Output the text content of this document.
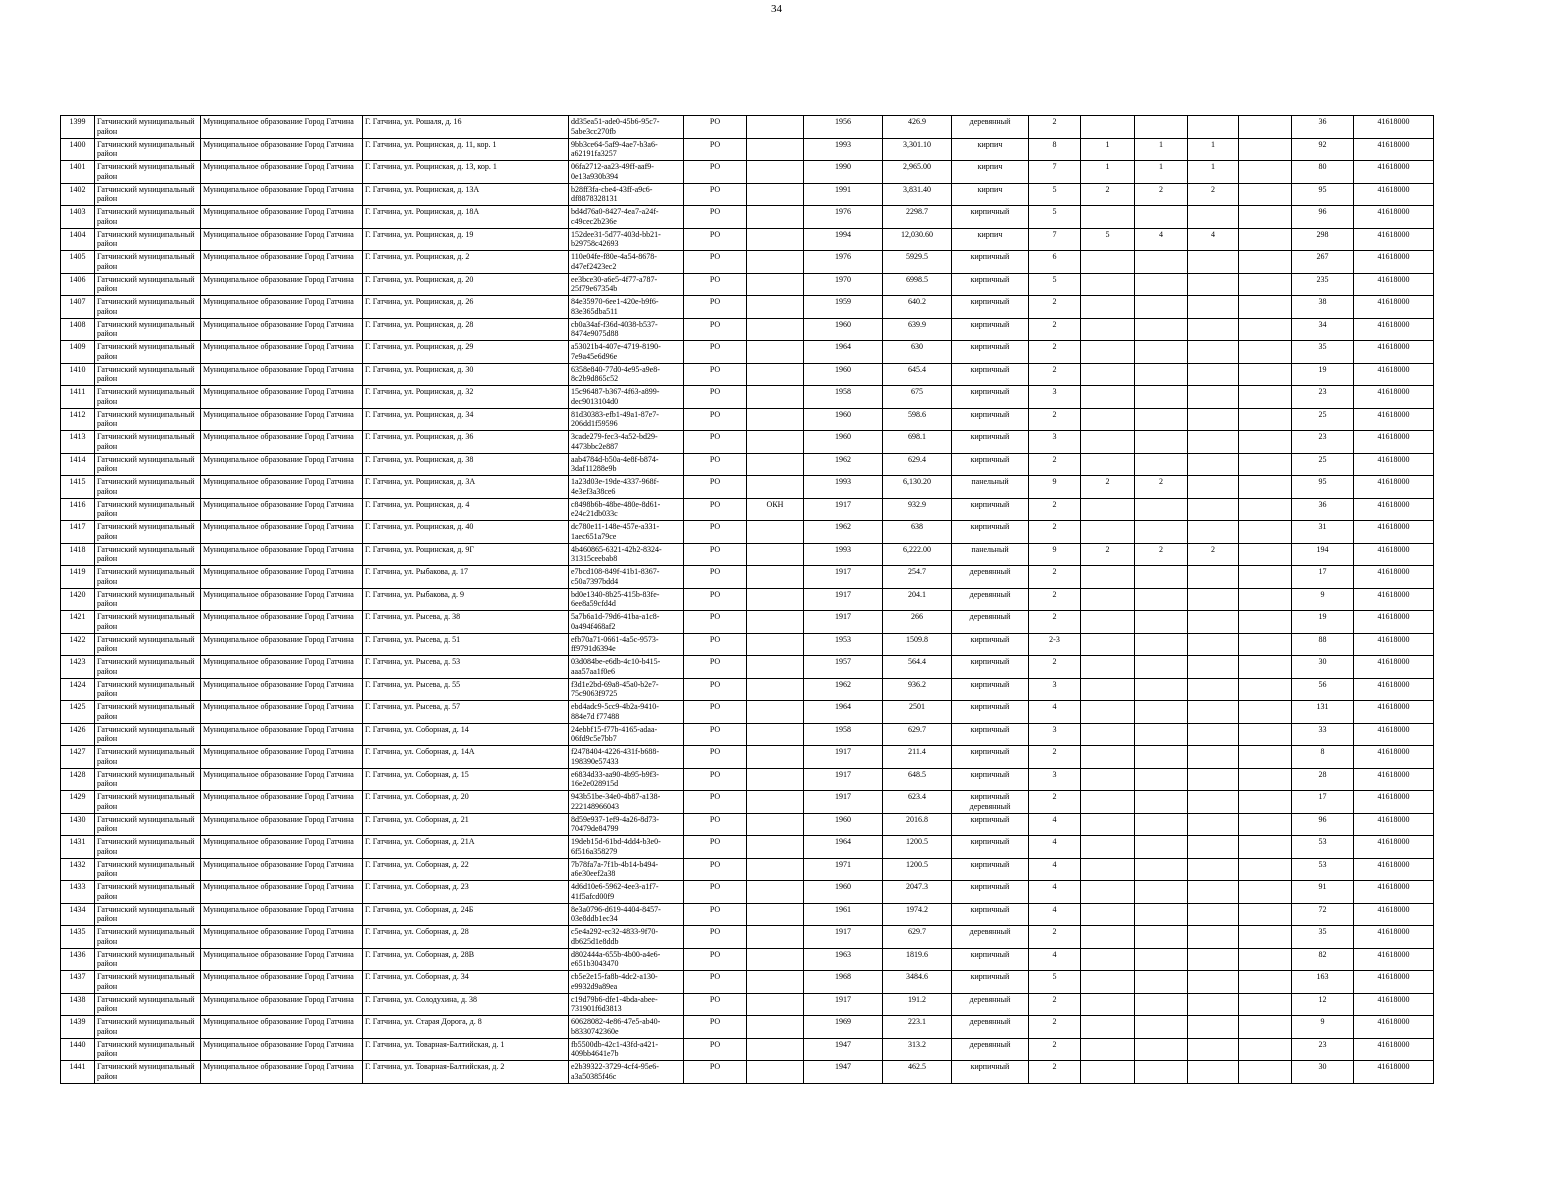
34
1399	Гатчинский муниципальный район	Муниципальное образование Город Гатчина	Г. Гатчина, ул. Рошаля, д. 16	dd35ea51-ade0-45b6-95c7-5abe3cc270fb	РО		1956	426.9	деревянный	2					36	41618000
1400	Гатчинский муниципальный район	Муниципальное образование Город Гатчина	Г. Гатчина, ул. Рощинская, д. 11, кор. 1	9bb3ce64-5af9-4ae7-b3a6-a62191fa3257	РО		1993	3,301.10	кирпич	8	1	1	1		92	41618000
1401	Гатчинский муниципальный район	Муниципальное образование Город Гатчина	Г. Гатчина, ул. Рощинская, д. 13, кор. 1	06fa2712-aa23-49ff-aaf9-0e13a930b394	РО		1990	2,965.00	кирпич	7	1	1	1		80	41618000
1402	Гатчинский муниципальный район	Муниципальное образование Город Гатчина	Г. Гатчина, ул. Рощинская, д. 13А	b28ff3fa-cbe4-43ff-a9c6-df8878328131	РО		1991	3,831.40	кирпич	5	2	2	2		95	41618000
1403	Гатчинский муниципальный район	Муниципальное образование Город Гатчина	Г. Гатчина, ул. Рощинская, д. 18А	bd4d76a0-8427-4ea7-a24f-c49cec2b236e	РО		1976	2298.7	кирпичный	5					96	41618000
1404	Гатчинский муниципальный район	Муниципальное образование Город Гатчина	Г. Гатчина, ул. Рощинская, д. 19	152dee31-5d77-403d-bb21-b29758c42693	РО		1994	12,030.60	кирпич	7	5	4	4		298	41618000
1405	Гатчинский муниципальный район	Муниципальное образование Город Гатчина	Г. Гатчина, ул. Рощинская, д. 2	110e04fe-f80e-4a54-8678-d47ef2423ec2	РО		1976	5929.5	кирпичный	6					267	41618000
1406	Гатчинский муниципальный район	Муниципальное образование Город Гатчина	Г. Гатчина, ул. Рощинская, д. 20	ee3bce30-a6e5-4f77-a787-25f79e67354b	РО		1970	6998.5	кирпичный	5					235	41618000
1407	Гатчинский муниципальный район	Муниципальное образование Город Гатчина	Г. Гатчина, ул. Рощинская, д. 26	84e35970-6ee1-420e-b9f6-83e365dba511	РО		1959	640.2	кирпичный	2					38	41618000
1408	Гатчинский муниципальный район	Муниципальное образование Город Гатчина	Г. Гатчина, ул. Рощинская, д. 28	cb0a34af-f36d-4038-b537-8474e9075d88	РО		1960	639.9	кирпичный	2					34	41618000
1409	Гатчинский муниципальный район	Муниципальное образование Город Гатчина	Г. Гатчина, ул. Рощинская, д. 29	a53021b4-407e-4719-8190-7e9a45e6d96e	РО		1964	630	кирпичный	2					35	41618000
1410	Гатчинский муниципальный район	Муниципальное образование Город Гатчина	Г. Гатчина, ул. Рощинская, д. 30	6358e840-77d0-4e95-a9e8-8c2b9d865c52	РО		1960	645.4	кирпичный	2					19	41618000
1411	Гатчинский муниципальный район	Муниципальное образование Город Гатчина	Г. Гатчина, ул. Рощинская, д. 32	15c96487-b367-4f63-a899-dec9013104d0	РО		1958	675	кирпичный	3					23	41618000
1412	Гатчинский муниципальный район	Муниципальное образование Город Гатчина	Г. Гатчина, ул. Рощинская, д. 34	81d30383-efb1-49a1-87e7-206dd1f59596	РО		1960	598.6	кирпичный	2					25	41618000
1413	Гатчинский муниципальный район	Муниципальное образование Город Гатчина	Г. Гатчина, ул. Рощинская, д. 36	3cade279-fec3-4a52-bd29-4473bbc2e887	РО		1960	698.1	кирпичный	3					23	41618000
1414	Гатчинский муниципальный район	Муниципальное образование Город Гатчина	Г. Гатчина, ул. Рощинская, д. 38	aab4784d-b50a-4e8f-b874-3daf11288e9b	РО		1962	629.4	кирпичный	2					25	41618000
1415	Гатчинский муниципальный район	Муниципальное образование Город Гатчина	Г. Гатчина, ул. Рощинская, д. 3А	1a23d03e-19de-4337-968f-4e3ef3a38ce6	РО		1993	6,130.20	панельный	9	2	2			95	41618000
1416	Гатчинский муниципальный район	Муниципальное образование Город Гатчина	Г. Гатчина, ул. Рощинская, д. 4	c8498b6b-48be-480e-8d61-e24c21db033c	РО	ОКН	1917	932.9	кирпичный	2					36	41618000
1417	Гатчинский муниципальный район	Муниципальное образование Город Гатчина	Г. Гатчина, ул. Рощинская, д. 40	dc780e11-148e-457e-a331-1aec651a79ce	РО		1962	638	кирпичный	2					31	41618000
1418	Гатчинский муниципальный район	Муниципальное образование Город Гатчина	Г. Гатчина, ул. Рощинская, д. 9Г	4b460865-6321-42b2-8324-31315ceebab8	РО		1993	6,222.00	панельный	9	2	2	2		194	41618000
1419	Гатчинский муниципальный район	Муниципальное образование Город Гатчина	Г. Гатчина, ул. Рыбакова, д. 17	e7bcd108-849f-41b1-8367-c50a7397bdd4	РО		1917	254.7	деревянный	2					17	41618000
1420	Гатчинский муниципальный район	Муниципальное образование Город Гатчина	Г. Гатчина, ул. Рыбакова, д. 9	bd0e1340-8b25-415b-83fe-6ee8a59cfd4d	РО		1917	204.1	деревянный	2					9	41618000
1421	Гатчинский муниципальный район	Муниципальное образование Город Гатчина	Г. Гатчина, ул. Рысева, д. 38	5a7b6a1d-79d6-41ba-a1c8-0a494f468af2	РО		1917	266	деревянный	2					19	41618000
1422	Гатчинский муниципальный район	Муниципальное образование Город Гатчина	Г. Гатчина, ул. Рысева, д. 51	efb70a71-0661-4a5c-9573-ff9791d6394e	РО		1953	1509.8	кирпичный	2-3					88	41618000
1423	Гатчинский муниципальный район	Муниципальное образование Город Гатчина	Г. Гатчина, ул. Рысева, д. 53	03d084be-e6db-4c10-b415-aaa57aa1f0e6	РО		1957	564.4	кирпичный	2					30	41618000
1424	Гатчинский муниципальный район	Муниципальное образование Город Гатчина	Г. Гатчина, ул. Рысева, д. 55	f3d1e2bd-69a8-45a0-b2e7-75c9063f9725	РО		1962	936.2	кирпичный	3					56	41618000
1425	Гатчинский муниципальный район	Муниципальное образование Город Гатчина	Г. Гатчина, ул. Рысева, д. 57	ebd4adc9-5cc9-4b2a-9410-884e7d f77488	РО		1964	2501	кирпичный	4					131	41618000
1426	Гатчинский муниципальный район	Муниципальное образование Город Гатчина	Г. Гатчина, ул. Соборная, д. 14	24ebbf15-f77b-4165-adaa-06fd9c5e7bb7	РО		1958	629.7	кирпичный	3					33	41618000
1427	Гатчинский муниципальный район	Муниципальное образование Город Гатчина	Г. Гатчина, ул. Соборная, д. 14А	f2478404-4226-431f-b688-198390e57433	РО		1917	211.4	кирпичный	2					8	41618000
1428	Гатчинский муниципальный район	Муниципальное образование Город Гатчина	Г. Гатчина, ул. Соборная, д. 15	e6834d33-aa90-4b95-b9f3-16e2e028915d	РО		1917	648.5	кирпичный	3					28	41618000
1429	Гатчинский муниципальный район	Муниципальное образование Город Гатчина	Г. Гатчина, ул. Соборная, д. 20	943b51be-34e0-4b87-a138-222148966043	РО		1917	623.4	кирпичный деревянный	2					17	41618000
1430	Гатчинский муниципальный район	Муниципальное образование Город Гатчина	Г. Гатчина, ул. Соборная, д. 21	8d59e937-1ef9-4a26-8d73-70479de84799	РО		1960	2016.8	кирпичный	4					96	41618000
1431	Гатчинский муниципальный район	Муниципальное образование Город Гатчина	Г. Гатчина, ул. Соборная, д. 21А	19deb15d-61bd-4dd4-b3e0-6f516a358279	РО		1964	1200.5	кирпичный	4					53	41618000
1432	Гатчинский муниципальный район	Муниципальное образование Город Гатчина	Г. Гатчина, ул. Соборная, д. 22	7b78fa7a-7f1b-4b14-b494-a6e30eef2a38	РО		1971	1200.5	кирпичный	4					53	41618000
1433	Гатчинский муниципальный район	Муниципальное образование Город Гатчина	Г. Гатчина, ул. Соборная, д. 23	4d6d10e6-5962-4ee3-a1f7-41f5afcd00f9	РО		1960	2047.3	кирпичный	4					91	41618000
1434	Гатчинский муниципальный район	Муниципальное образование Город Гатчина	Г. Гатчина, ул. Соборная, д. 24Б	8e3a0796-d619-4404-8457-03e8ddb1ec34	РО		1961	1974.2	кирпичный	4					72	41618000
1435	Гатчинский муниципальный район	Муниципальное образование Город Гатчина	Г. Гатчина, ул. Соборная, д. 28	c5e4a292-ec32-4833-9f70-db625d1e8ddb	РО		1917	629.7	деревянный	2					35	41618000
1436	Гатчинский муниципальный район	Муниципальное образование Город Гатчина	Г. Гатчина, ул. Соборная, д. 28В	d802444a-655b-4b00-a4e6-e651b3043470	РО		1963	1819.6	кирпичный	4					82	41618000
1437	Гатчинский муниципальный район	Муниципальное образование Город Гатчина	Г. Гатчина, ул. Соборная, д. 34	cb5e2e15-fa8b-4dc2-a130-e9932d9a89ea	РО		1968	3484.6	кирпичный	5					163	41618000
1438	Гатчинский муниципальный район	Муниципальное образование Город Гатчина	Г. Гатчина, ул. Солодухина, д. 38	c19d79b6-dfe1-4bda-abee-731901f6d3813	РО		1917	191.2	деревянный	2					12	41618000
1439	Гатчинский муниципальный район	Муниципальное образование Город Гатчина	Г. Гатчина, ул. Старая Дорога, д. 8	60628082-4e86-47e5-ab40-b8330742360e	РО		1969	223.1	деревянный	2					9	41618000
1440	Гатчинский муниципальный район	Муниципальное образование Город Гатчина	Г. Гатчина, ул. Товарная-Балтийская, д. 1	fb5500db-42c1-43fd-a421-409bb4641e7b	РО		1947	313.2	деревянный	2					23	41618000
1441	Гатчинский муниципальный район	Муниципальное образование Город Гатчина	Г. Гатчина, ул. Товарная-Балтийская, д. 2	e2b39322-3729-4cf4-95e6-a3a50385f46c	РО		1947	462.5	кирпичный	2					30	41618000
